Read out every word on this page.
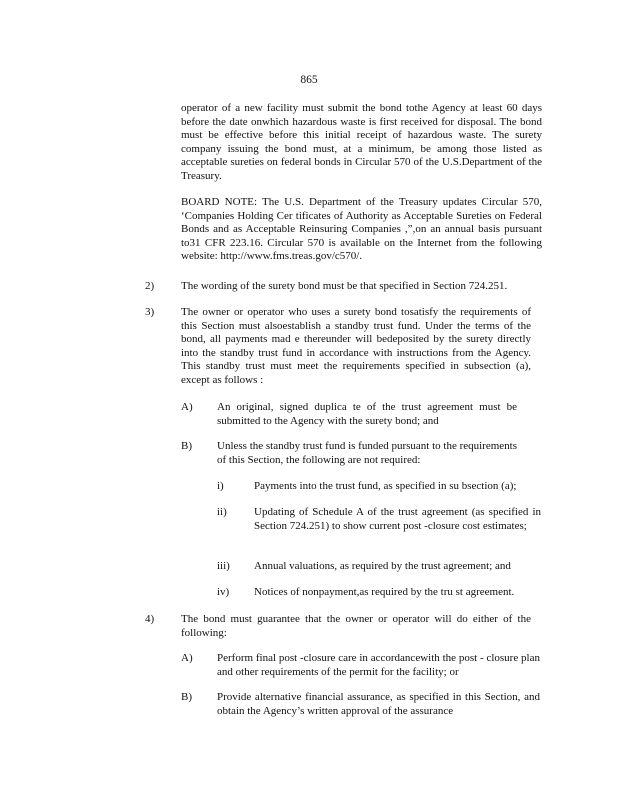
865

operator of a new facility must submit the bond tothe Agency at least 60 days before the date onwhich hazardous waste is first received for disposal. The bond must be effective before this initial receipt of hazardous waste. The surety company issuing the bond must, at a minimum, be among those listed as acceptable sureties on federal bonds in Circular 570 of the U.S.Department of the Treasury.

BOARD NOTE: The U.S. Department of the Treasury updates Circular 570, ‘Companies Holding Cer tificates of Authority as Acceptable Sureties on Federal Bonds and as Acceptable Reinsuring Companies ,”,on an annual basis pursuant to31 CFR 223.16. Circular 570 is available on the Internet from the following website: http://www.fms.treas.gov/c570/.

2) The wording of the surety bond must be that specified in Section 724.251.

3) The owner or operator who uses a surety bond tosatisfy the requirements of this Section must alsoestablish a standby trust fund. Under the terms of the bond, all payments mad e thereunder will bedeposited by the surety directly into the standby trust fund in accordance with instructions from the Agency. This standby trust must meet the requirements specified in subsection (a), except as follows :

A) An original, signed duplica te of the trust agreement must be submitted to the Agency with the surety bond; and

B) Unless the standby trust fund is funded pursuant to the requirements of this Section, the following are not required:

i)	Payments into the trust fund, as specified in su bsection (a);

ii) Updating of Schedule A of the trust agreement (as specified in Section 724.251) to show current post -closure cost estimates;

iii) Annual valuations, as required by the trust agreement; and

iv) Notices of nonpayment,as required by the tru st agreement.

4) The bond must guarantee that the owner or operator will do either of the following:

A) Perform final post -closure care in accordancewith the post - closure plan and other requirements of the permit for the facility; or

B) Provide alternative financial assurance, as specified in this Section, and obtain the Agency’s written approval of the assurance
